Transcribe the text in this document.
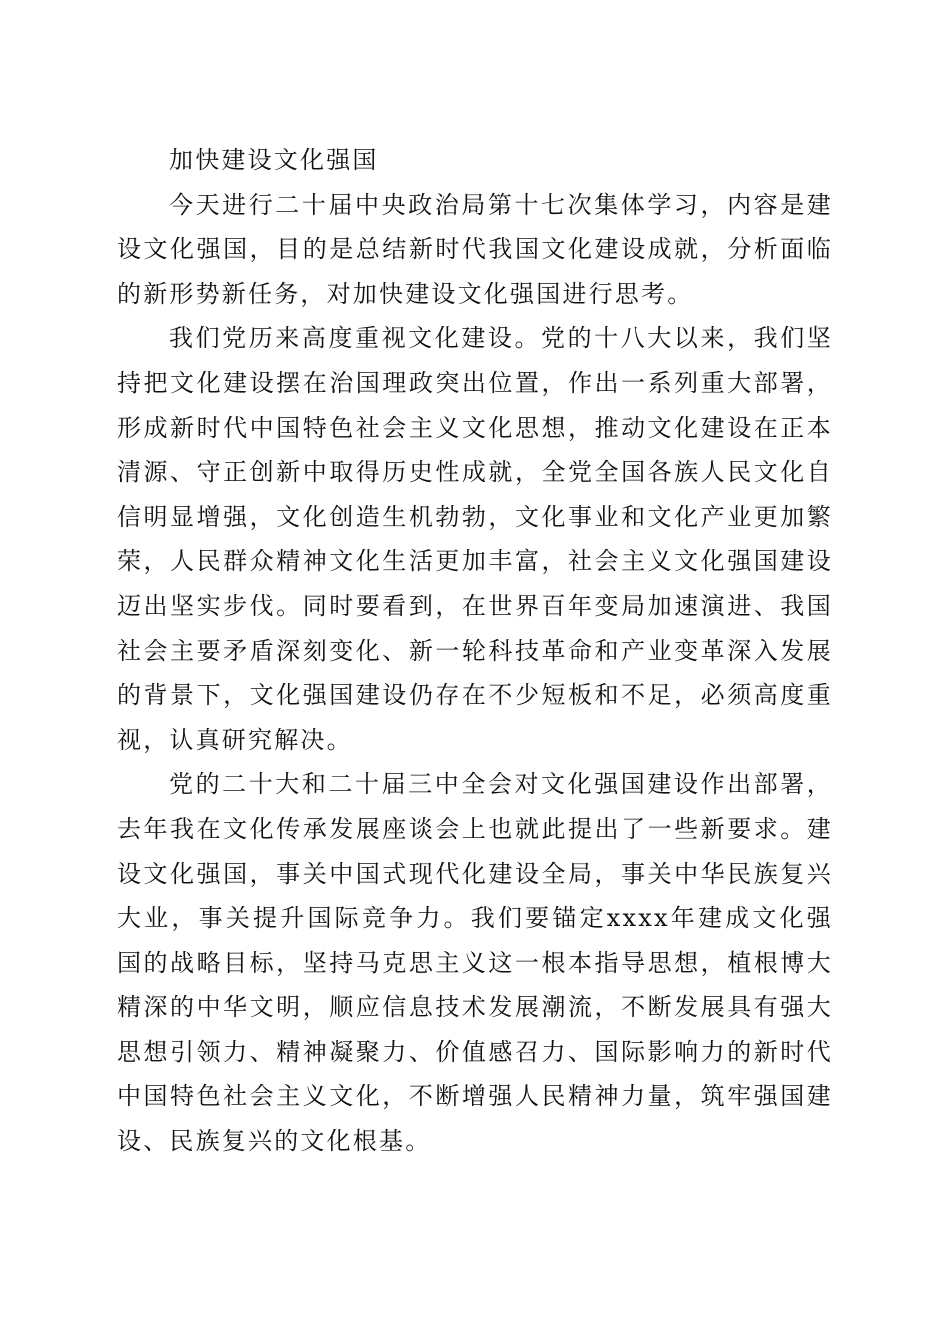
加快建设文化强国

今天进行二十届中央政治局第十七次集体学习，内容是建设文化强国，目的是总结新时代我国文化建设成就，分析面临的新形势新任务，对加快建设文化强国进行思考。

我们党历来高度重视文化建设。党的十八大以来，我们坚持把文化建设摆在治国理政突出位置，作出一系列重大部署，形成新时代中国特色社会主义文化思想，推动文化建设在正本清源、守正创新中取得历史性成就，全党全国各族人民文化自信明显增强，文化创造生机勃勃，文化事业和文化产业更加繁荣，人民群众精神文化生活更加丰富，社会主义文化强国建设迈出坚实步伐。同时要看到，在世界百年变局加速演进、我国社会主要矛盾深刻变化、新一轮科技革命和产业变革深入发展的背景下，文化强国建设仍存在不少短板和不足，必须高度重视，认真研究解决。

党的二十大和二十届三中全会对文化强国建设作出部署，去年我在文化传承发展座谈会上也就此提出了一些新要求。建设文化强国，事关中国式现代化建设全局，事关中华民族复兴大业，事关提升国际竞争力。我们要锚定xxxx年建成文化强国的战略目标，坚持马克思主义这一根本指导思想，植根博大精深的中华文明，顺应信息技术发展潮流，不断发展具有强大思想引领力、精神凝聚力、价值感召力、国际影响力的新时代中国特色社会主义文化，不断增强人民精神力量，筑牢强国建设、民族复兴的文化根基。
